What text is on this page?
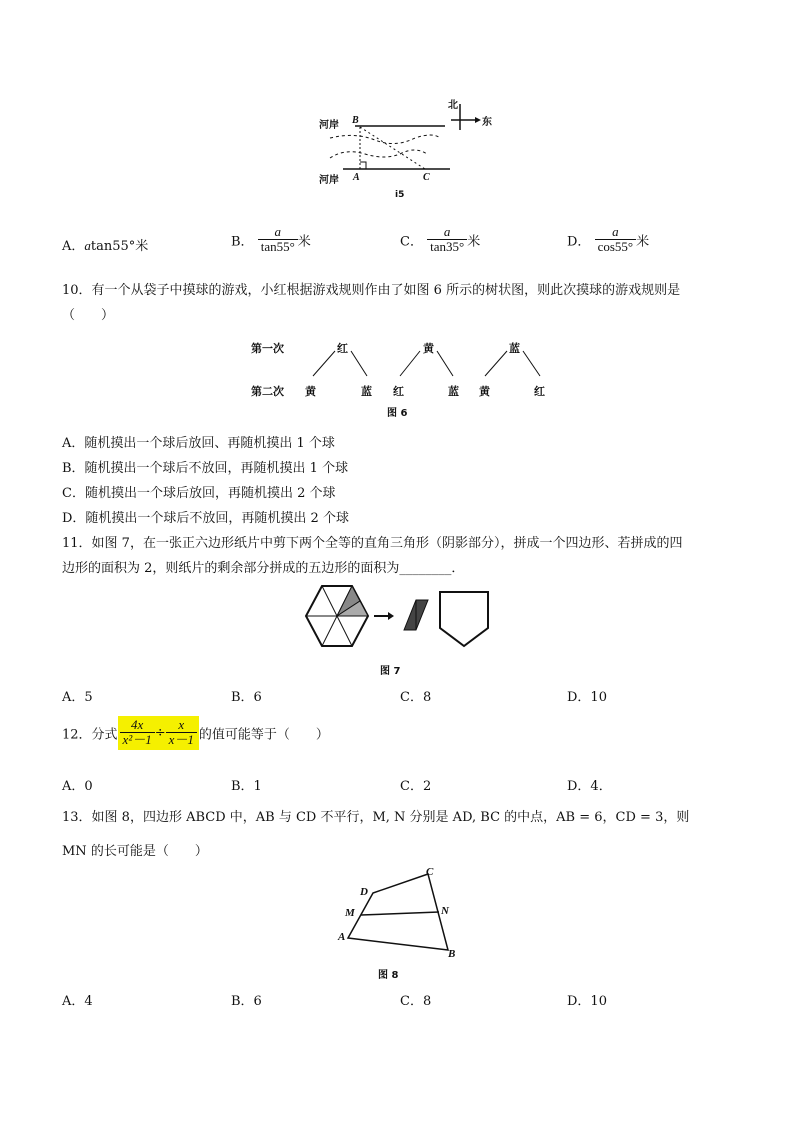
北
东
河岸 B
河岸 A	C
i5
A．atan55°米	B． $\frac{a}{\tan 55^\circ}$ 米	C． $\frac{a}{\tan 35^\circ}$ 米	D． $\frac{a}{\cos 55^\circ}$ 米
10．有一个从袋子中摸球的游戏，小红根据游戏规则作由了如图 6 所示的树状图，则此次摸球的游戏规则是
（　　）
第一次
第二次
红	黄	蓝
黄	蓝 红	蓝 黄	红
图 6
A．随机摸出一个球后放回、再随机摸出 1 个球
B．随机摸出一个球后不放回，再随机摸出 1 个球
C．随机摸出一个球后放回，再随机摸出 2 个球
D．随机摸出一个球后不放回，再随机摸出 2 个球
11．如图 7，在一张正六边形纸片中剪下两个全等的直角三角形（阴影部分），拼成一个四边形、若拼成的四
边形的面积为 2，则纸片的剩余部分拼成的五边形的面积为________．
图 7
A．5	B．6	C．8	D．10
12．分式 $\frac{4x}{\text{x²－1}} \div \frac{x}{x-1}$ 的值可能等于（　　）
A．0	B．1	C．2	D．4．
13．如图 8，四边形 ABCD 中，AB 与 CD 不平行，M, N 分别是 AD, BC 的中点，AB = 6，CD = 3，则
MN 的长可能是（　　）
C
D
M	N
A
B
图 8
A．4	B．6	C．8	D．10
